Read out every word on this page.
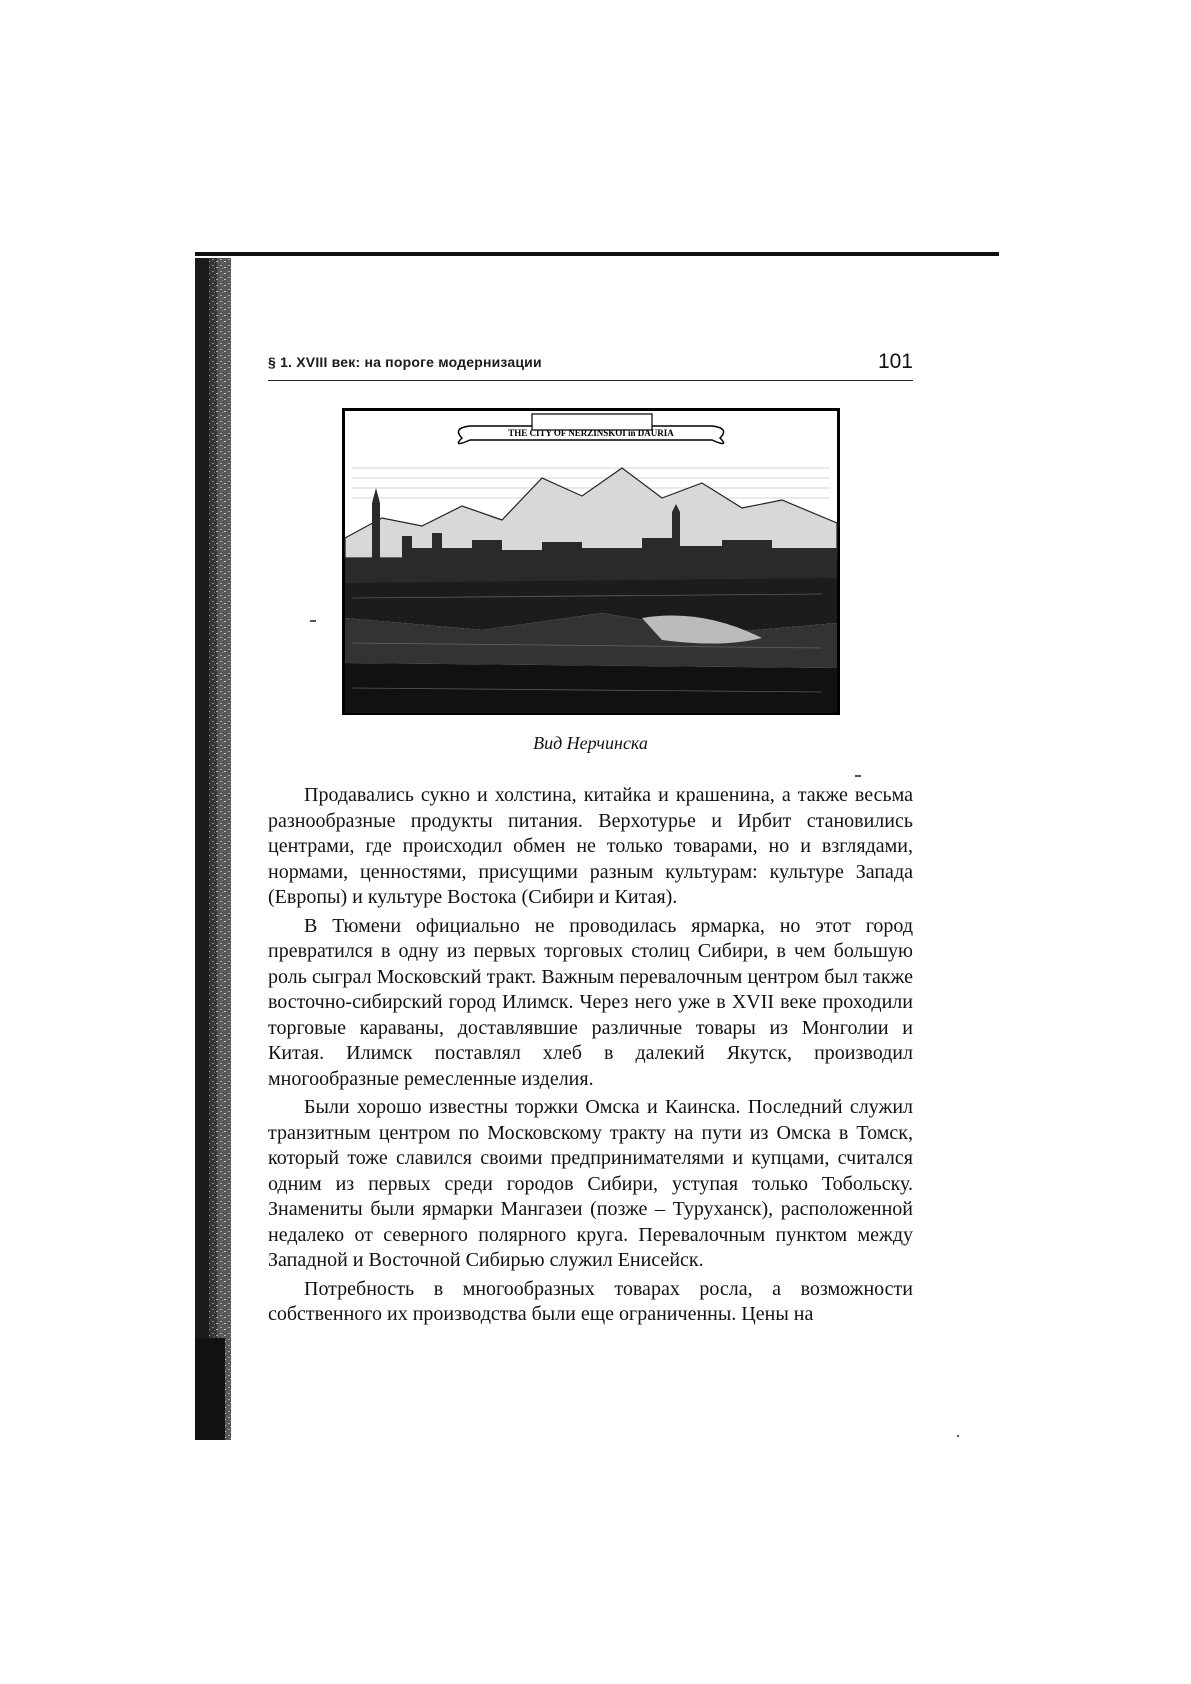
§ 1. XVIII век: на пороге модернизации	101
THE CITY OF NERZINSKOI in DAURIA
Вид Нерчинска

Продавались сукно и холстина, китайка и крашенина, а также весьма разнообразные продукты питания. Верхотурье и Ирбит становились центрами, где происходил обмен не только товарами, но и взглядами, нормами, ценностями, присущими разным культурам: культуре Запада (Европы) и культуре Востока (Сибири и Китая).

В Тюмени официально не проводилась ярмарка, но этот город превратился в одну из первых торговых столиц Сибири, в чем большую роль сыграл Московский тракт. Важным перевалочным центром был также восточно-сибирский город Илимск. Через него уже в XVII веке проходили торговые караваны, доставлявшие различные товары из Монголии и Китая. Илимск поставлял хлеб в далекий Якутск, производил многообразные ремесленные изделия.

Были хорошо известны торжки Омска и Каинска. Последний служил транзитным центром по Московскому тракту на пути из Омска в Томск, который тоже славился своими предпринимателями и купцами, считался одним из первых среди городов Сибири, уступая только Тобольску. Знамениты были ярмарки Мангазеи (позже – Туруханск), расположенной недалеко от северного полярного круга. Перевалочным пунктом между Западной и Восточной Сибирью служил Енисейск.

Потребность в многообразных товарах росла, а возможности собственного их производства были еще ограниченны. Цены на
